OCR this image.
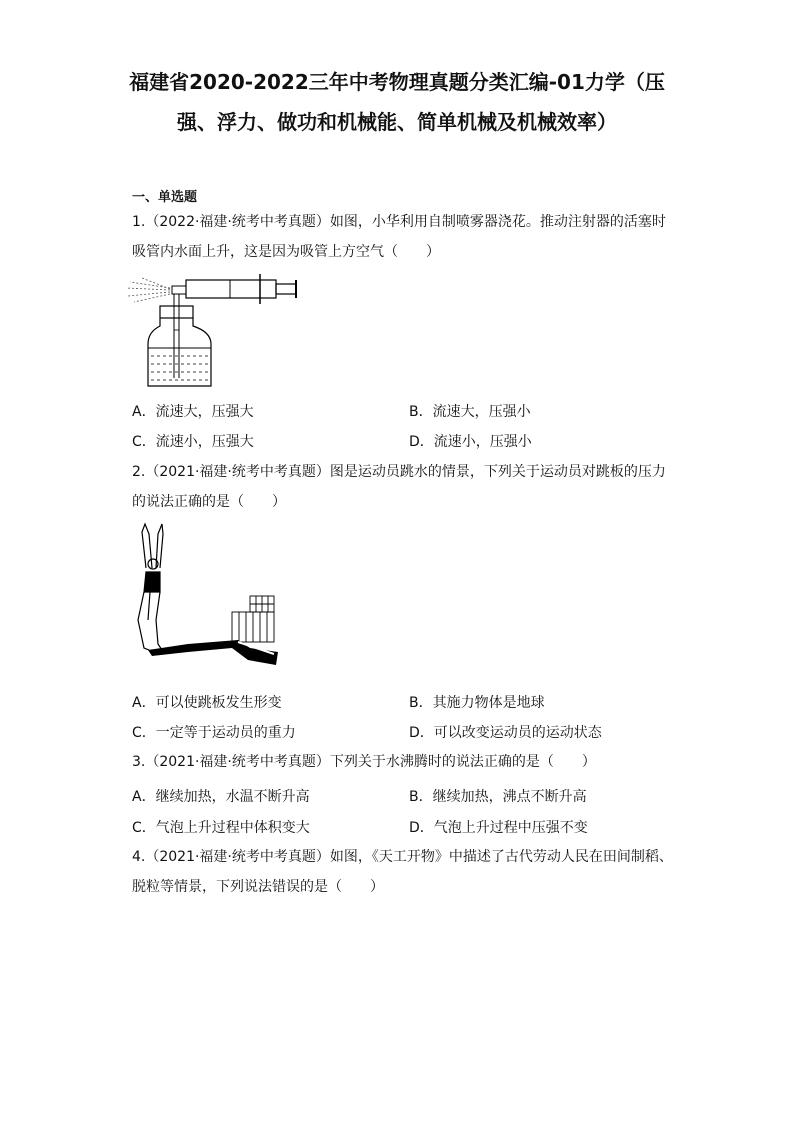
福建省2020-2022三年中考物理真题分类汇编-01力学（压
强、浮力、做功和机械能、简单机械及机械效率）
一、单选题
1.（2022·福建·统考中考真题）如图，小华利用自制喷雾器浇花。推动注射器的活塞时
吸管内水面上升，这是因为吸管上方空气（　　）
A．流速大，压强大	B．流速大，压强小
C．流速小，压强大	D．流速小，压强小
2.（2021·福建·统考中考真题）图是运动员跳水的情景，下列关于运动员对跳板的压力
的说法正确的是（　　）
A．可以使跳板发生形变	B．其施力物体是地球
C．一定等于运动员的重力	D．可以改变运动员的运动状态
3.（2021·福建·统考中考真题）下列关于水沸腾时的说法正确的是（　　）
A．继续加热，水温不断升高	B．继续加热，沸点不断升高
C．气泡上升过程中体积变大	D．气泡上升过程中压强不变
4.（2021·福建·统考中考真题）如图，《天工开物》中描述了古代劳动人民在田间制稻、
脱粒等情景，下列说法错误的是（　　）
